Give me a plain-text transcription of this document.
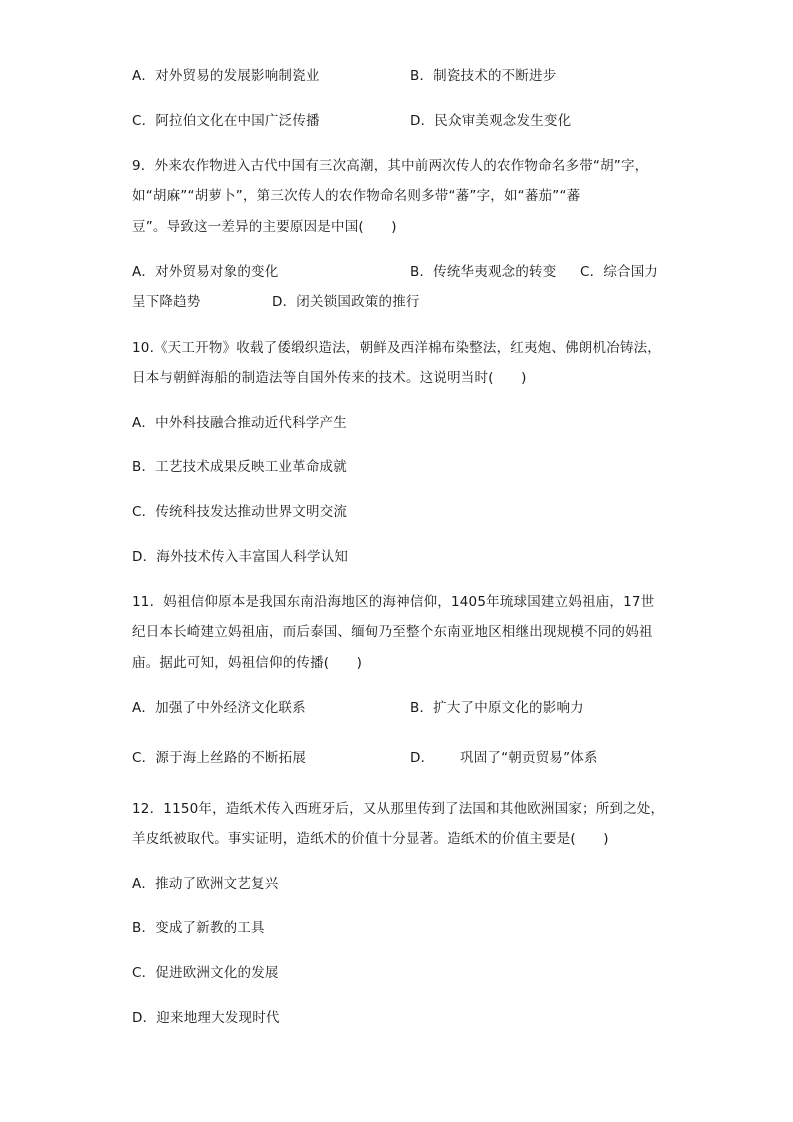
A．对外贸易的发展影响制瓷业	B．制瓷技术的不断进步
C．阿拉伯文化在中国广泛传播	D．民众审美观念发生变化
9．外来农作物进入古代中国有三次高潮，其中前两次传人的农作物命名多带“胡”字，
如“胡麻”“胡萝卜”，第三次传人的农作物命名则多带“蕃”字，如“蕃茄”“蕃
豆”。导致这一差异的主要原因是中国(　　)
A．对外贸易对象的变化	B．传统华夷观念的转变 C．综合国力
呈下降趋势	D．闭关锁国政策的推行
10.《天工开物》收载了倭缎织造法，朝鲜及西洋棉布染整法，红夷炮、佛朗机冶铸法，
日本与朝鲜海船的制造法等自国外传来的技术。这说明当时(　　)
A．中外科技融合推动近代科学产生
B．工艺技术成果反映工业革命成就
C．传统科技发达推动世界文明交流
D．海外技术传入丰富国人科学认知
11．妈祖信仰原本是我国东南沿海地区的海神信仰，1405年琉球国建立妈祖庙，17世
纪日本长崎建立妈祖庙，而后泰国、缅甸乃至整个东南亚地区相继出现规模不同的妈祖
庙。据此可知，妈祖信仰的传播(　　)
A．加强了中外经济文化联系	B．扩大了中原文化的影响力
C．源于海上丝路的不断拓展	D． 巩固了“朝贡贸易”体系
12．1150年，造纸术传入西班牙后，又从那里传到了法国和其他欧洲国家；所到之处，
羊皮纸被取代。事实证明，造纸术的价值十分显著。造纸术的价值主要是(　　)
A．推动了欧洲文艺复兴
B．变成了新教的工具
C．促进欧洲文化的发展
D．迎来地理大发现时代
